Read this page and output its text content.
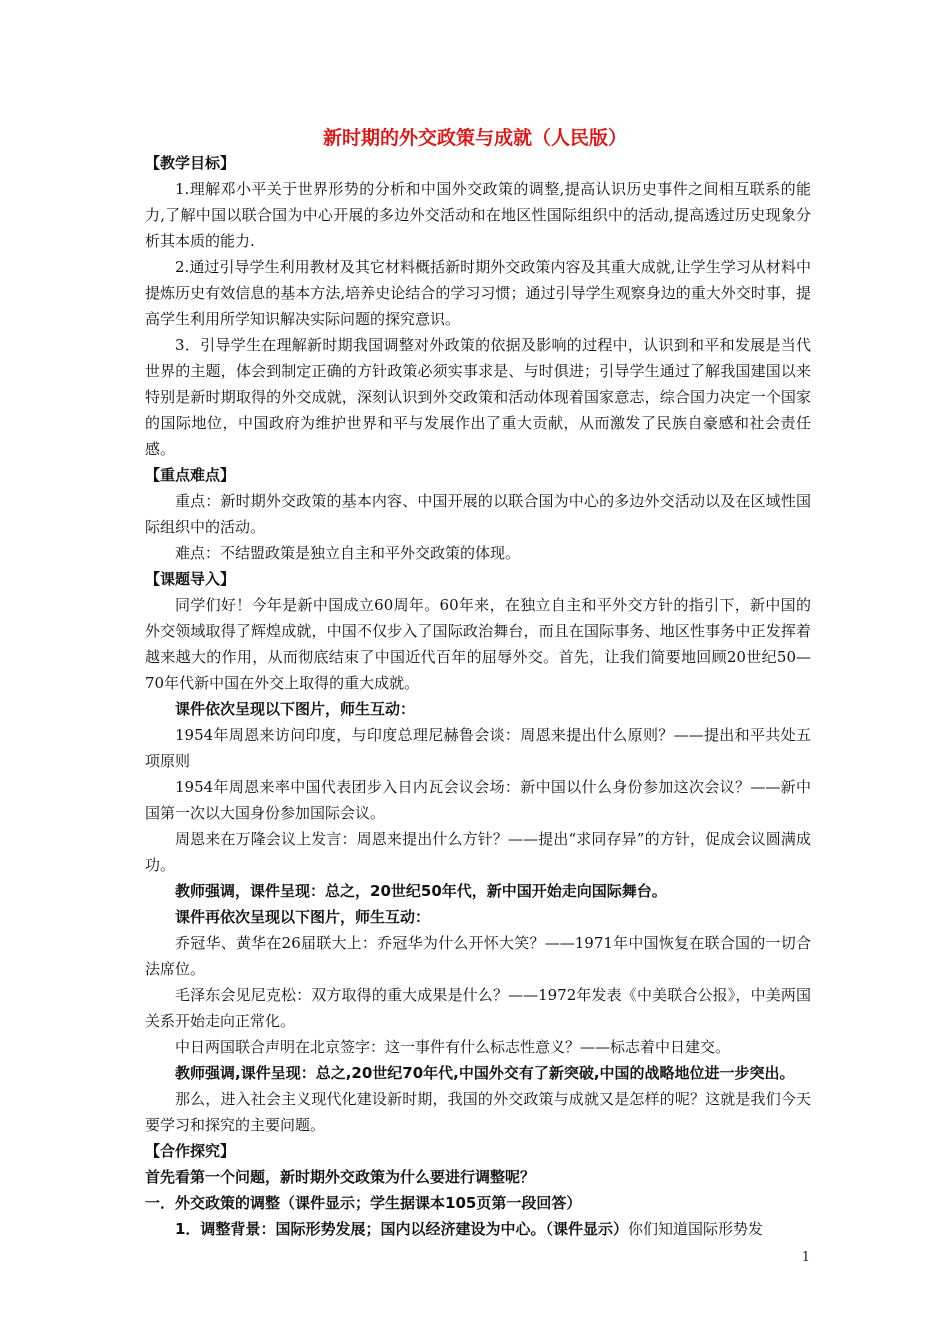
新时期的外交政策与成就（人民版）
【教学目标】

1.理解邓小平关于世界形势的分析和中国外交政策的调整,提高认识历史事件之间相互联系的能力,了解中国以联合国为中心开展的多边外交活动和在地区性国际组织中的活动,提高透过历史现象分析其本质的能力.

2.通过引导学生利用教材及其它材料概括新时期外交政策内容及其重大成就,让学生学习从材料中提炼历史有效信息的基本方法,培养史论结合的学习习惯；通过引导学生观察身边的重大外交时事，提高学生利用所学知识解决实际问题的探究意识。

3．引导学生在理解新时期我国调整对外政策的依据及影响的过程中，认识到和平和发展是当代世界的主题，体会到制定正确的方针政策必须实事求是、与时俱进；引导学生通过了解我国建国以来特别是新时期取得的外交成就，深刻认识到外交政策和活动体现着国家意志，综合国力决定一个国家的国际地位，中国政府为维护世界和平与发展作出了重大贡献，从而激发了民族自豪感和社会责任感。

【重点难点】

重点：新时期外交政策的基本内容、中国开展的以联合国为中心的多边外交活动以及在区域性国际组织中的活动。

难点：不结盟政策是独立自主和平外交政策的体现。

【课题导入】

同学们好！今年是新中国成立60周年。60年来，在独立自主和平外交方针的指引下，新中国的外交领域取得了辉煌成就，中国不仅步入了国际政治舞台，而且在国际事务、地区性事务中正发挥着越来越大的作用，从而彻底结束了中国近代百年的屈辱外交。首先，让我们简要地回顾20世纪50—70年代新中国在外交上取得的重大成就。

课件依次呈现以下图片，师生互动：

1954年周恩来访问印度，与印度总理尼赫鲁会谈：周恩来提出什么原则？——提出和平共处五项原则

1954年周恩来率中国代表团步入日内瓦会议会场：新中国以什么身份参加这次会议？——新中国第一次以大国身份参加国际会议。

周恩来在万隆会议上发言：周恩来提出什么方针？——提出“求同存异”的方针，促成会议圆满成功。

教师强调，课件呈现：总之，20世纪50年代，新中国开始走向国际舞台。

课件再依次呈现以下图片，师生互动：

乔冠华、黄华在26届联大上：乔冠华为什么开怀大笑？——1971年中国恢复在联合国的一切合法席位。

毛泽东会见尼克松：双方取得的重大成果是什么？——1972年发表《中美联合公报》，中美两国关系开始走向正常化。

中日两国联合声明在北京签字：这一事件有什么标志性意义？——标志着中日建交。

教师强调,课件呈现：总之,20世纪70年代,中国外交有了新突破,中国的战略地位进一步突出。

那么，进入社会主义现代化建设新时期，我国的外交政策与成就又是怎样的呢？这就是我们今天要学习和探究的主要问题。

【合作探究】

首先看第一个问题，新时期外交政策为什么要进行调整呢？

一．外交政策的调整（课件显示；学生据课本105页第一段回答）

1．调整背景：国际形势发展；国内以经济建设为中心。（课件显示）你们知道国际形势发

1
